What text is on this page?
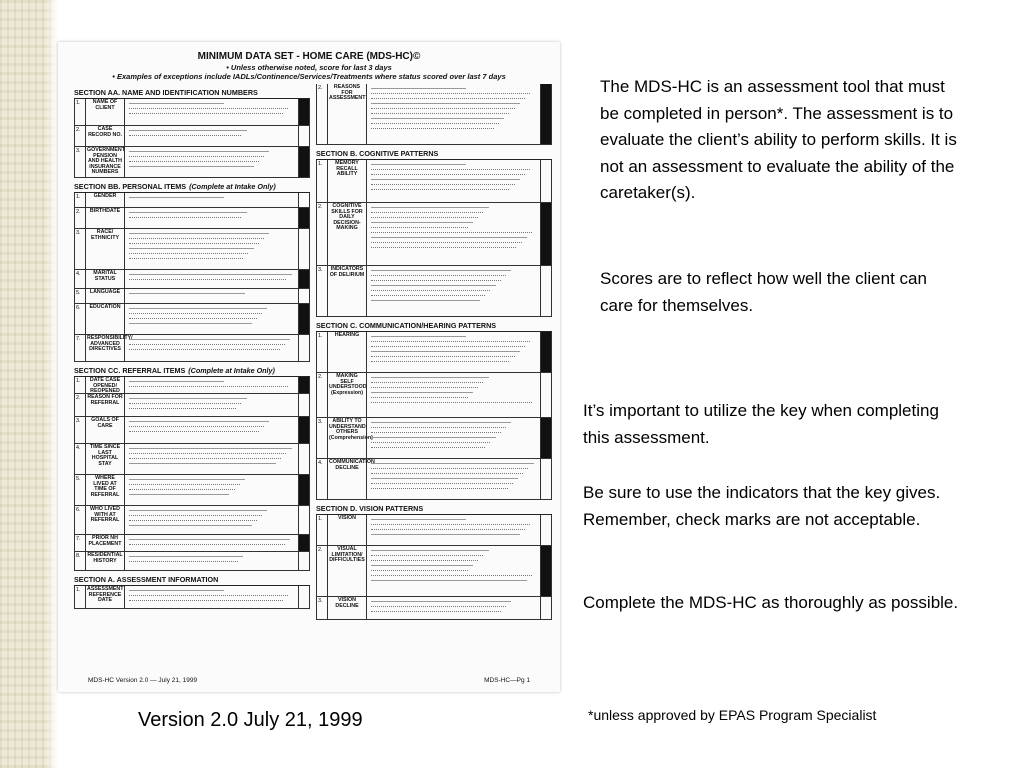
MINIMUM DATA SET - HOME CARE (MDS-HC)©
• Unless otherwise noted, score for last 3 days
• Examples of exceptions include IADLs/Continence/Services/Treatments where status scored over last 7 days
SECTION AA. NAME AND IDENTIFICATION NUMBERS
1.	NAME OF CLIENT
2.	CASE RECORD NO.
3.	GOVERNMENT PENSION AND HEALTH INSURANCE NUMBERS
SECTION BB. PERSONAL ITEMS (Complete at Intake Only)
1.	GENDER
2.	BIRTHDATE
3.	RACE/ ETHNICITY
4.	MARITAL STATUS
5.	LANGUAGE
6.	EDUCATION
7.	RESPONSIBILITY/ ADVANCED DIRECTIVES
SECTION CC. REFERRAL ITEMS (Complete at Intake Only)
1.	DATE CASE OPENED/ REOPENED
2.	REASON FOR REFERRAL
3.	GOALS OF CARE
4.	TIME SINCE LAST HOSPITAL STAY
5.	WHERE LIVED AT TIME OF REFERRAL
6.	WHO LIVED WITH AT REFERRAL
7.	PRIOR NH PLACEMENT
8.	RESIDENTIAL HISTORY
SECTION A. ASSESSMENT INFORMATION
1.	ASSESSMENT REFERENCE DATE
2.	REASONS FOR ASSESSMENT
SECTION B. COGNITIVE PATTERNS
1.	MEMORY RECALL ABILITY
2.	COGNITIVE SKILLS FOR DAILY DECISION-MAKING
3.	INDICATORS OF DELIRIUM
SECTION C. COMMUNICATION/HEARING PATTERNS
1.	HEARING
2.	MAKING SELF UNDERSTOOD (Expression)
3.	ABILITY TO UNDERSTAND OTHERS (Comprehension)
4.	COMMUNICATION DECLINE
SECTION D. VISION PATTERNS
1.	VISION
2.	VISUAL LIMITATION/ DIFFICULTIES
3.	VISION DECLINE
MDS-HC Version 2.0 — July 21, 1999	MDS-HC—Pg 1
The MDS-HC is an assessment tool that must be completed in person*. The assessment is to evaluate the client’s ability to perform skills. It is not an assessment to evaluate the ability of the caretaker(s).
Scores are to reflect how well the client can care for themselves.
It’s important to utilize the key when completing this assessment.
Be sure to use the indicators that the key gives. Remember, check marks are not acceptable.
Complete the MDS-HC as thoroughly as possible.
Version 2.0 July 21, 1999	*unless approved by EPAS Program Specialist
